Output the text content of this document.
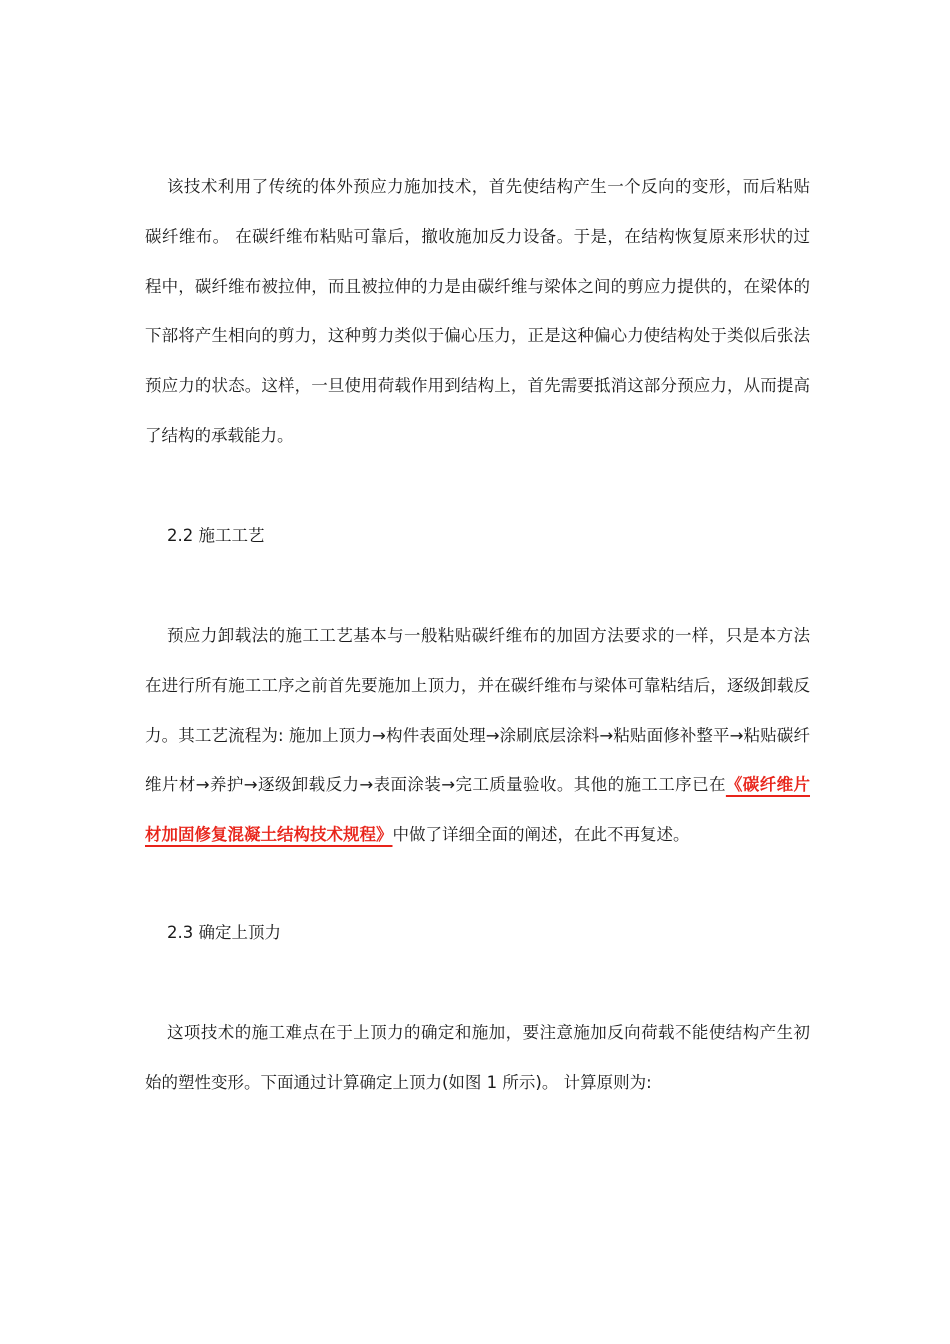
该技术利用了传统的体外预应力施加技术，首先使结构产生一个反向的变形，而后粘贴碳纤维布。 在碳纤维布粘贴可靠后，撤收施加反力设备。于是，在结构恢复原来形状的过程中，碳纤维布被拉伸，而且被拉伸的力是由碳纤维与梁体之间的剪应力提供的，在梁体的下部将产生相向的剪力，这种剪力类似于偏心压力，正是这种偏心力使结构处于类似后张法预应力的状态。这样，一旦使用荷载作用到结构上，首先需要抵消这部分预应力，从而提高了结构的承载能力。

2.2 施工工艺

预应力卸载法的施工工艺基本与一般粘贴碳纤维布的加固方法要求的一样，只是本方法在进行所有施工工序之前首先要施加上顶力，并在碳纤维布与梁体可靠粘结后，逐级卸载反力。其工艺流程为: 施加上顶力→构件表面处理→涂刷底层涂料→粘贴面修补整平→粘贴碳纤维片材→养护→逐级卸载反力→表面涂装→完工质量验收。其他的施工工序已在《碳纤维片材加固修复混凝土结构技术规程》中做了详细全面的阐述，在此不再复述。

2.3 确定上顶力

这项技术的施工难点在于上顶力的确定和施加，要注意施加反向荷载不能使结构产生初始的塑性变形。下面通过计算确定上顶力(如图 1 所示)。 计算原则为:
